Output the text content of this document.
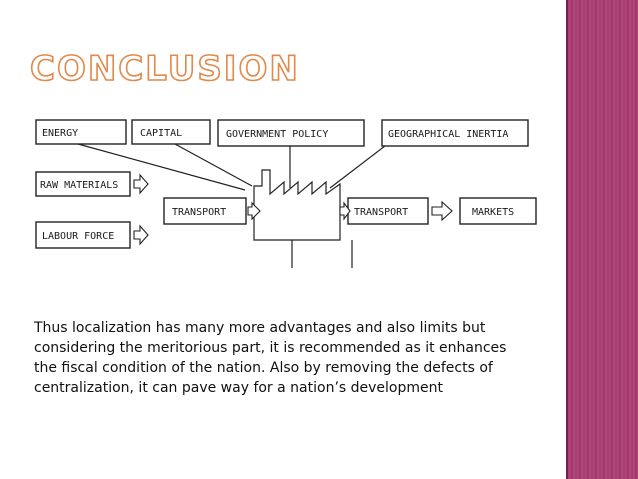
CONCLUSION
ENERGY	CAPITAL	GOVERNMENT POLICY	GEOGRAPHICAL INERTIA
RAW MATERIALS
LABOUR FORCE
TRANSPORT	TRANSPORT	MARKETS

Thus localization has many more advantages and also limits but
considering the meritorious part, it is recommended as it enhances
the fiscal condition of the nation. Also by removing the defects of
centralization, it can pave way for a nation’s development
